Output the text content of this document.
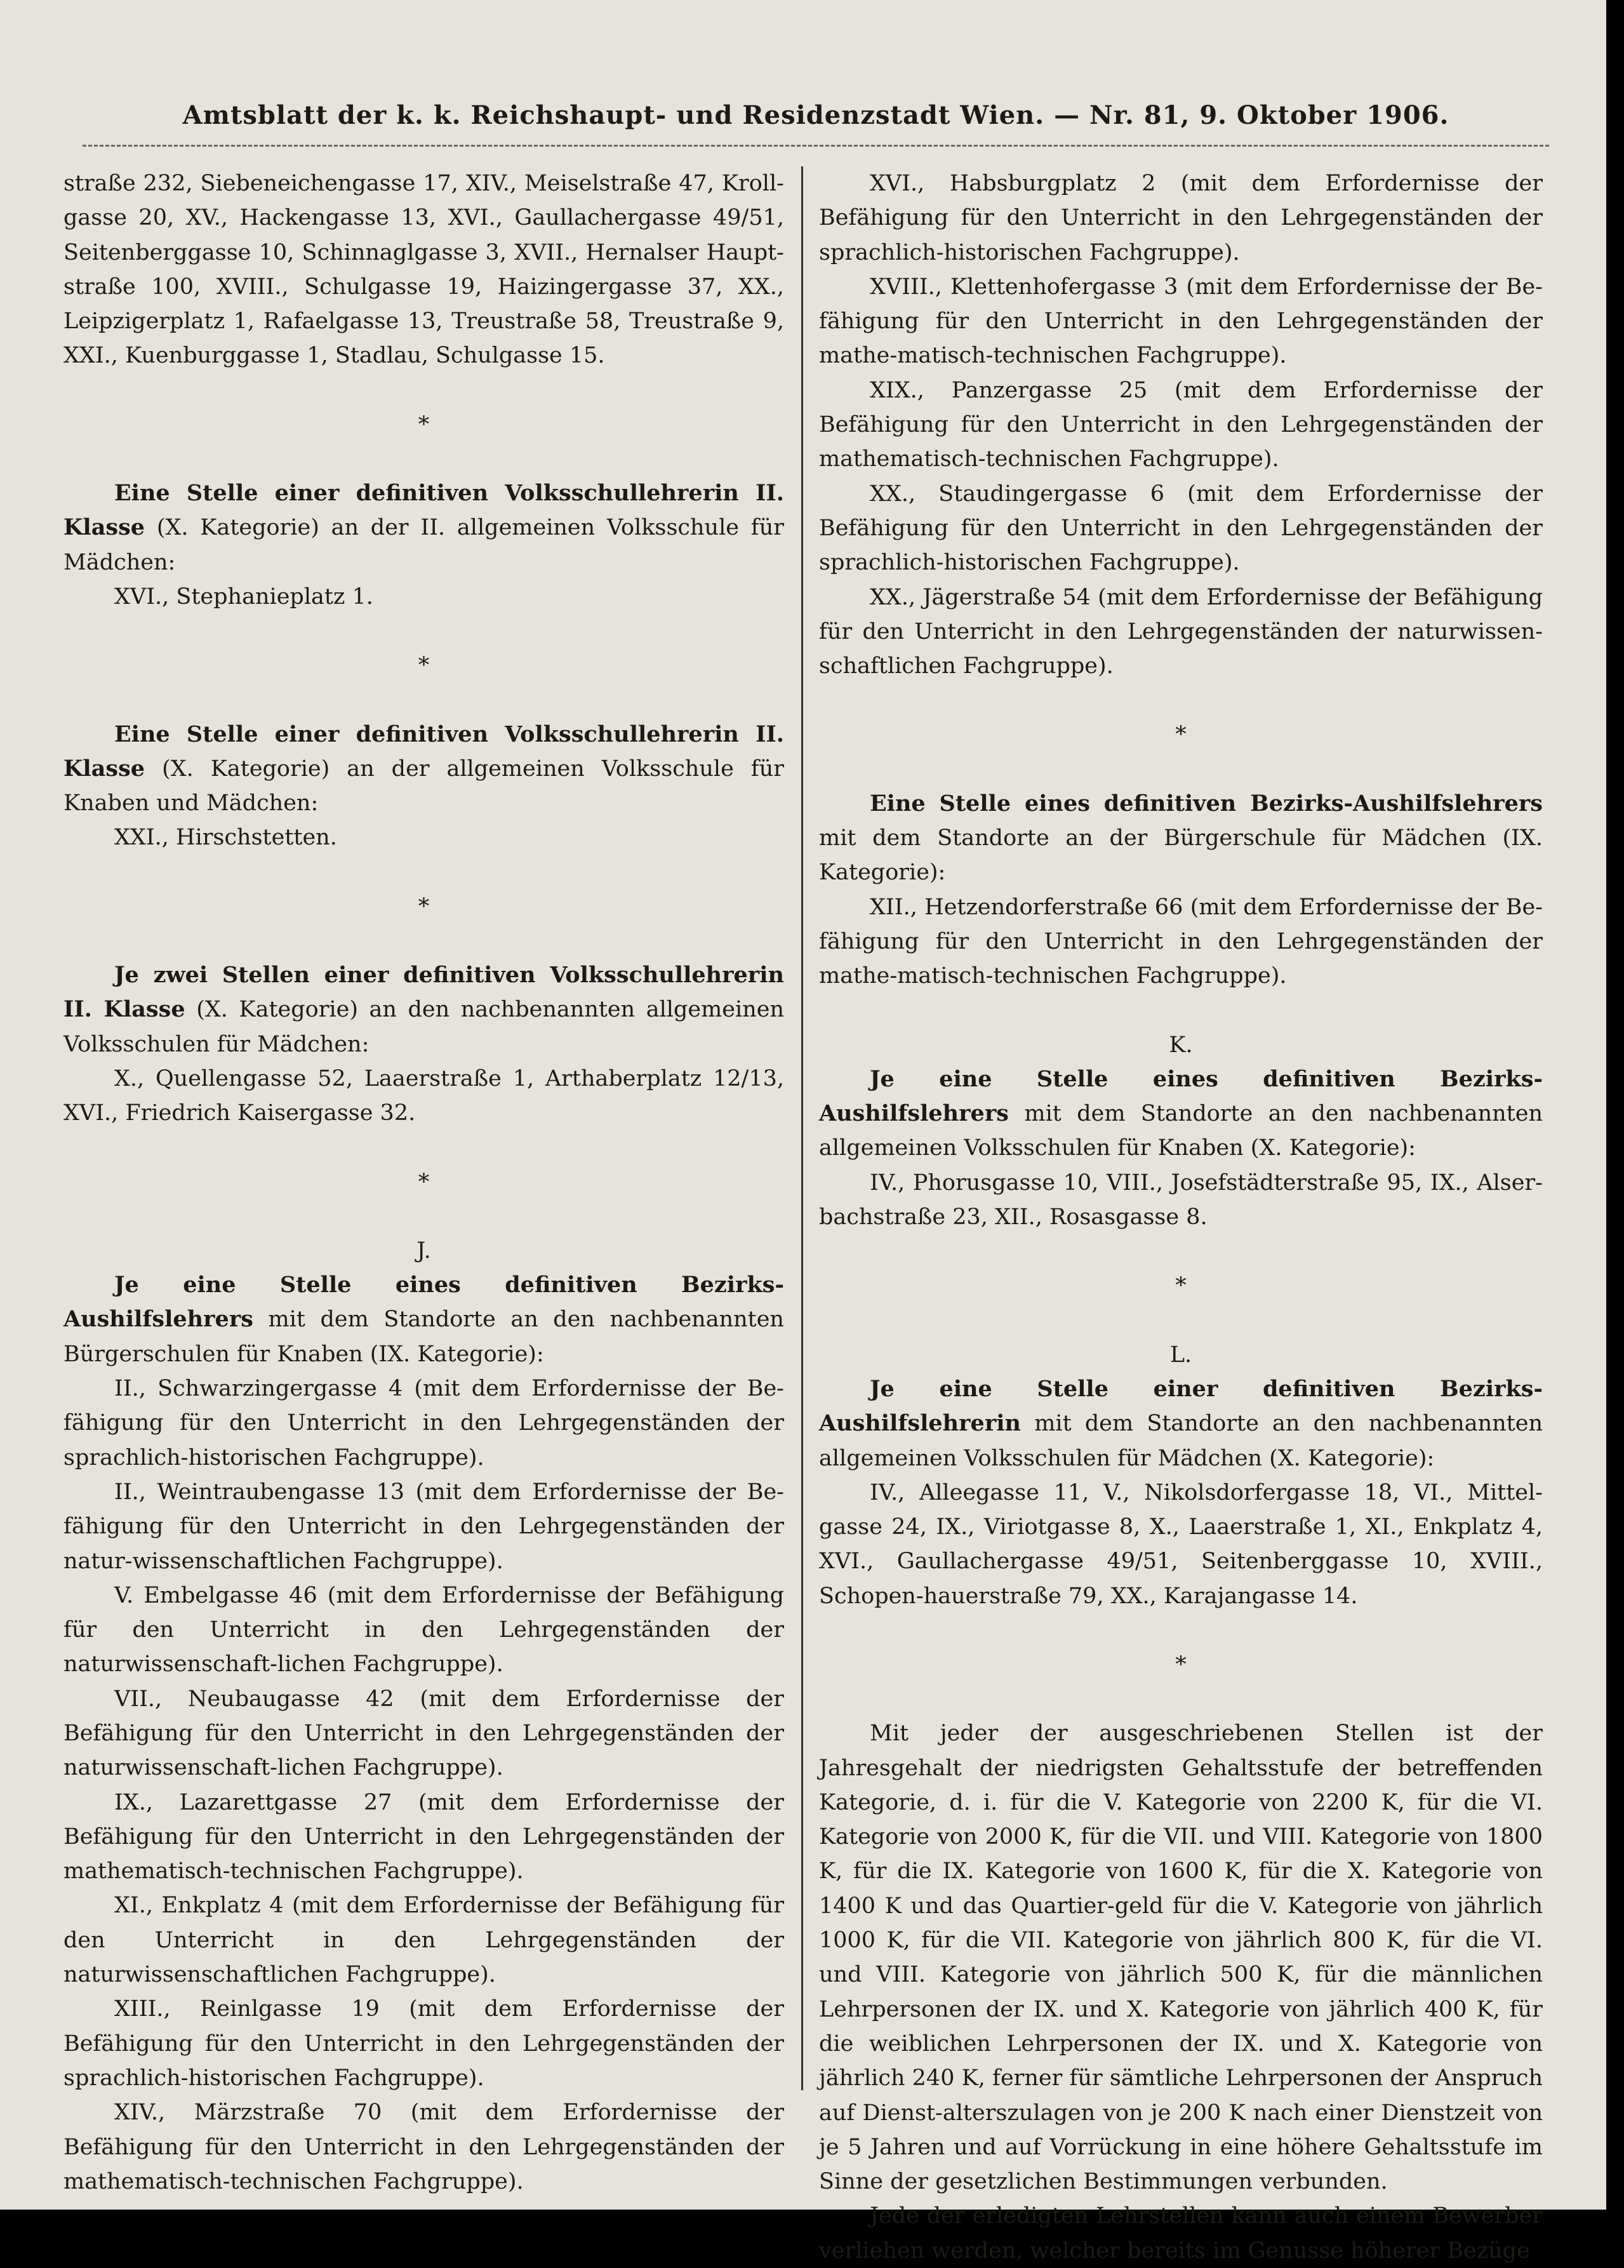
Amtsblatt der k. k. Reichshaupt- und Residenzstadt Wien. — Nr. 81, 9. Oktober 1906.

straße 232, Siebeneichengasse 17, XIV., Meiselstraße 47, Kroll-gasse 20, XV., Hackengasse 13, XVI., Gaullachergasse 49/51, Seitenberggasse 10, Schinnaglgasse 3, XVII., Hernalser Haupt-straße 100, XVIII., Schulgasse 19, Haizingergasse 37, XX., Leipzigerplatz 1, Rafaelgasse 13, Treustraße 58, Treustraße 9, XXI., Kuenburggasse 1, Stadlau, Schulgasse 15.

*

Eine Stelle einer definitiven Volksschullehrerin II. Klasse (X. Kategorie) an der II. allgemeinen Volksschule für Mädchen:

XVI., Stephanieplatz 1.

*

Eine Stelle einer definitiven Volksschullehrerin II. Klasse (X. Kategorie) an der allgemeinen Volksschule für Knaben und Mädchen:

XXI., Hirschstetten.

*

Je zwei Stellen einer definitiven Volksschullehrerin II. Klasse (X. Kategorie) an den nachbenannten allgemeinen Volksschulen für Mädchen:

X., Quellengasse 52, Laaerstraße 1, Arthaberplatz 12/13, XVI., Friedrich Kaisergasse 32.

*

J.

Je eine Stelle eines definitiven Bezirks-Aushilfslehrers mit dem Standorte an den nachbenannten Bürgerschulen für Knaben (IX. Kategorie):

II., Schwarzingergasse 4 (mit dem Erfordernisse der Be-fähigung für den Unterricht in den Lehrgegenständen der sprachlich-historischen Fachgruppe).

II., Weintraubengasse 13 (mit dem Erfordernisse der Be-fähigung für den Unterricht in den Lehrgegenständen der natur-wissenschaftlichen Fachgruppe).

V. Embelgasse 46 (mit dem Erfordernisse der Befähigung für den Unterricht in den Lehrgegenständen der naturwissenschaft-lichen Fachgruppe).

VII., Neubaugasse 42 (mit dem Erfordernisse der Befähigung für den Unterricht in den Lehrgegenständen der naturwissenschaft-lichen Fachgruppe).

IX., Lazarettgasse 27 (mit dem Erfordernisse der Befähigung für den Unterricht in den Lehrgegenständen der mathematisch-technischen Fachgruppe).

XI., Enkplatz 4 (mit dem Erfordernisse der Befähigung für den Unterricht in den Lehrgegenständen der naturwissenschaftlichen Fachgruppe).

XIII., Reinlgasse 19 (mit dem Erfordernisse der Befähigung für den Unterricht in den Lehrgegenständen der sprachlich-historischen Fachgruppe).

XIV., Märzstraße 70 (mit dem Erfordernisse der Befähigung für den Unterricht in den Lehrgegenständen der mathematisch-technischen Fachgruppe).

XVI., Habsburgplatz 2 (mit dem Erfordernisse der Befähigung für den Unterricht in den Lehrgegenständen der sprachlich-historischen Fachgruppe).

XVIII., Klettenhofergasse 3 (mit dem Erfordernisse der Be-fähigung für den Unterricht in den Lehrgegenständen der mathe-matisch-technischen Fachgruppe).

XIX., Panzergasse 25 (mit dem Erfordernisse der Befähigung für den Unterricht in den Lehrgegenständen der mathematisch-technischen Fachgruppe).

XX., Staudingergasse 6 (mit dem Erfordernisse der Befähigung für den Unterricht in den Lehrgegenständen der sprachlich-historischen Fachgruppe).

XX., Jägerstraße 54 (mit dem Erfordernisse der Befähigung für den Unterricht in den Lehrgegenständen der naturwissen-schaftlichen Fachgruppe).

*

Eine Stelle eines definitiven Bezirks-Aushilfslehrers mit dem Standorte an der Bürgerschule für Mädchen (IX. Kategorie):

XII., Hetzendorferstraße 66 (mit dem Erfordernisse der Be-fähigung für den Unterricht in den Lehrgegenständen der mathe-matisch-technischen Fachgruppe).

K.

Je eine Stelle eines definitiven Bezirks-Aushilfslehrers mit dem Standorte an den nachbenannten allgemeinen Volksschulen für Knaben (X. Kategorie):

IV., Phorusgasse 10, VIII., Josefstädterstraße 95, IX., Alser-bachstraße 23, XII., Rosasgasse 8.

*

L.

Je eine Stelle einer definitiven Bezirks-Aushilfslehrerin mit dem Standorte an den nachbenannten allgemeinen Volksschulen für Mädchen (X. Kategorie):

IV., Alleegasse 11, V., Nikolsdorfergasse 18, VI., Mittel-gasse 24, IX., Viriotgasse 8, X., Laaerstraße 1, XI., Enkplatz 4, XVI., Gaullachergasse 49/51, Seitenberggasse 10, XVIII., Schopen-hauerstraße 79, XX., Karajangasse 14.

*

Mit jeder der ausgeschriebenen Stellen ist der Jahresgehalt der niedrigsten Gehaltsstufe der betreffenden Kategorie, d. i. für die V. Kategorie von 2200 K, für die VI. Kategorie von 2000 K, für die VII. und VIII. Kategorie von 1800 K, für die IX. Kategorie von 1600 K, für die X. Kategorie von 1400 K und das Quartier-geld für die V. Kategorie von jährlich 1000 K, für die VII. Kategorie von jährlich 800 K, für die VI. und VIII. Kategorie von jährlich 500 K, für die männlichen Lehrpersonen der IX. und X. Kategorie von jährlich 400 K, für die weiblichen Lehrpersonen der IX. und X. Kategorie von jährlich 240 K, ferner für sämtliche Lehrpersonen der Anspruch auf Dienst-alterszulagen von je 200 K nach einer Dienstzeit von je 5 Jahren und auf Vorrückung in eine höhere Gehaltsstufe im Sinne der gesetzlichen Bestimmungen verbunden.

Jede der erledigten Lehrstellen kann auch einem Bewerber verliehen werden, welcher bereits im Genusse höherer Bezüge
